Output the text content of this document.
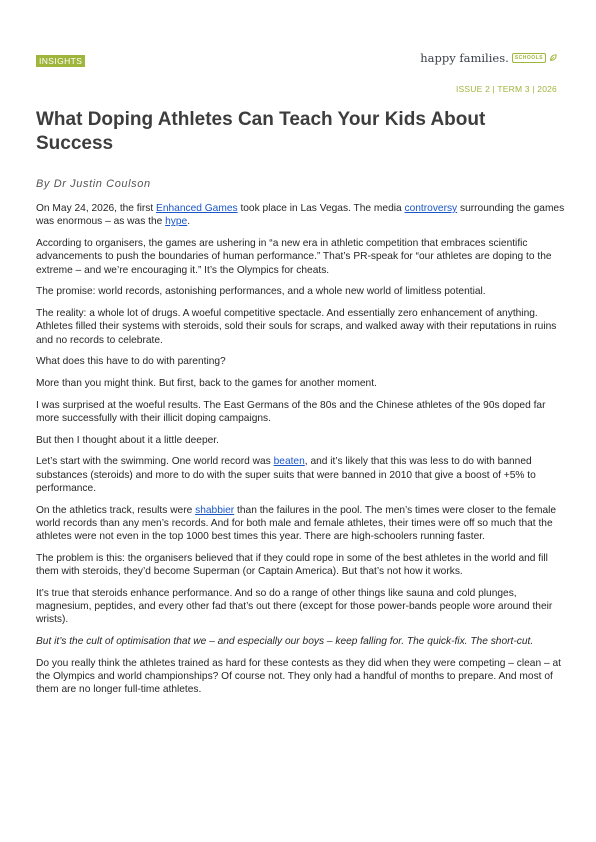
INSIGHTS	happy families.	SCHOOLS
ISSUE 2 | TERM 3 | 2026
What Doping Athletes Can Teach Your Kids About Success

By Dr Justin Coulson

On May 24, 2026, the first Enhanced Games took place in Las Vegas. The media controversy surrounding the games was enormous – as was the hype.

According to organisers, the games are ushering in “a new era in athletic competition that embraces scientific advancements to push the boundaries of human performance.” That’s PR-speak for “our athletes are doping to the extreme – and we’re encouraging it.” It’s the Olympics for cheats.

The promise: world records, astonishing performances, and a whole new world of limitless potential.

The reality: a whole lot of drugs. A woeful competitive spectacle. And essentially zero enhancement of anything. Athletes filled their systems with steroids, sold their souls for scraps, and walked away with their reputations in ruins and no records to celebrate.

What does this have to do with parenting?

More than you might think. But first, back to the games for another moment.

I was surprised at the woeful results. The East Germans of the 80s and the Chinese athletes of the 90s doped far more successfully with their illicit doping campaigns.

But then I thought about it a little deeper.

Let’s start with the swimming. One world record was beaten, and it’s likely that this was less to do with banned substances (steroids) and more to do with the super suits that were banned in 2010 that give a boost of +5% to performance.

On the athletics track, results were shabbier than the failures in the pool. The men’s times were closer to the female world records than any men’s records. And for both male and female athletes, their times were off so much that the athletes were not even in the top 1000 best times this year. There are high-schoolers running faster.

The problem is this: the organisers believed that if they could rope in some of the best athletes in the world and fill them with steroids, they’d become Superman (or Captain America). But that’s not how it works.

It’s true that steroids enhance performance. And so do a range of other things like sauna and cold plunges, magnesium, peptides, and every other fad that’s out there (except for those power-bands people wore around their wrists).

But it’s the cult of optimisation that we – and especially our boys – keep falling for. The quick-fix. The short-cut.

Do you really think the athletes trained as hard for these contests as they did when they were competing – clean – at the Olympics and world championships? Of course not. They only had a handful of months to prepare. And most of them are no longer full-time athletes.
